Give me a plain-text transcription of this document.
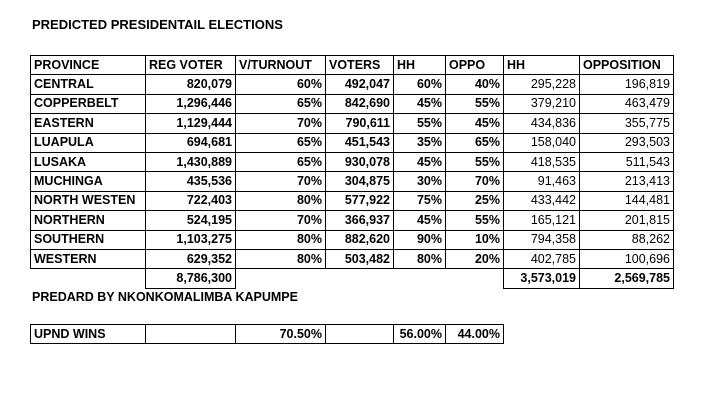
PREDICTED PRESIDENTAIL ELECTIONS
PROVINCE	REG VOTER	V/TURNOUT	VOTERS	HH	OPPO	HH	OPPOSITION
CENTRAL	820,079	60%	492,047	60%	40%	295,228	196,819
COPPERBELT	1,296,446	65%	842,690	45%	55%	379,210	463,479
EASTERN	1,129,444	70%	790,611	55%	45%	434,836	355,775
LUAPULA	694,681	65%	451,543	35%	65%	158,040	293,503
LUSAKA	1,430,889	65%	930,078	45%	55%	418,535	511,543
MUCHINGA	435,536	70%	304,875	30%	70%	91,463	213,413
NORTH WESTEN	722,403	80%	577,922	75%	25%	433,442	144,481
NORTHERN	524,195	70%	366,937	45%	55%	165,121	201,815
SOUTHERN	1,103,275	80%	882,620	90%	10%	794,358	88,262
WESTERN	629,352	80%	503,482	80%	20%	402,785	100,696
	8,786,300					3,573,019	2,569,785
PREDARD BY NKONKOMALIMBA KAPUMPE
UPND WINS		70.50%		56.00%	44.00%
